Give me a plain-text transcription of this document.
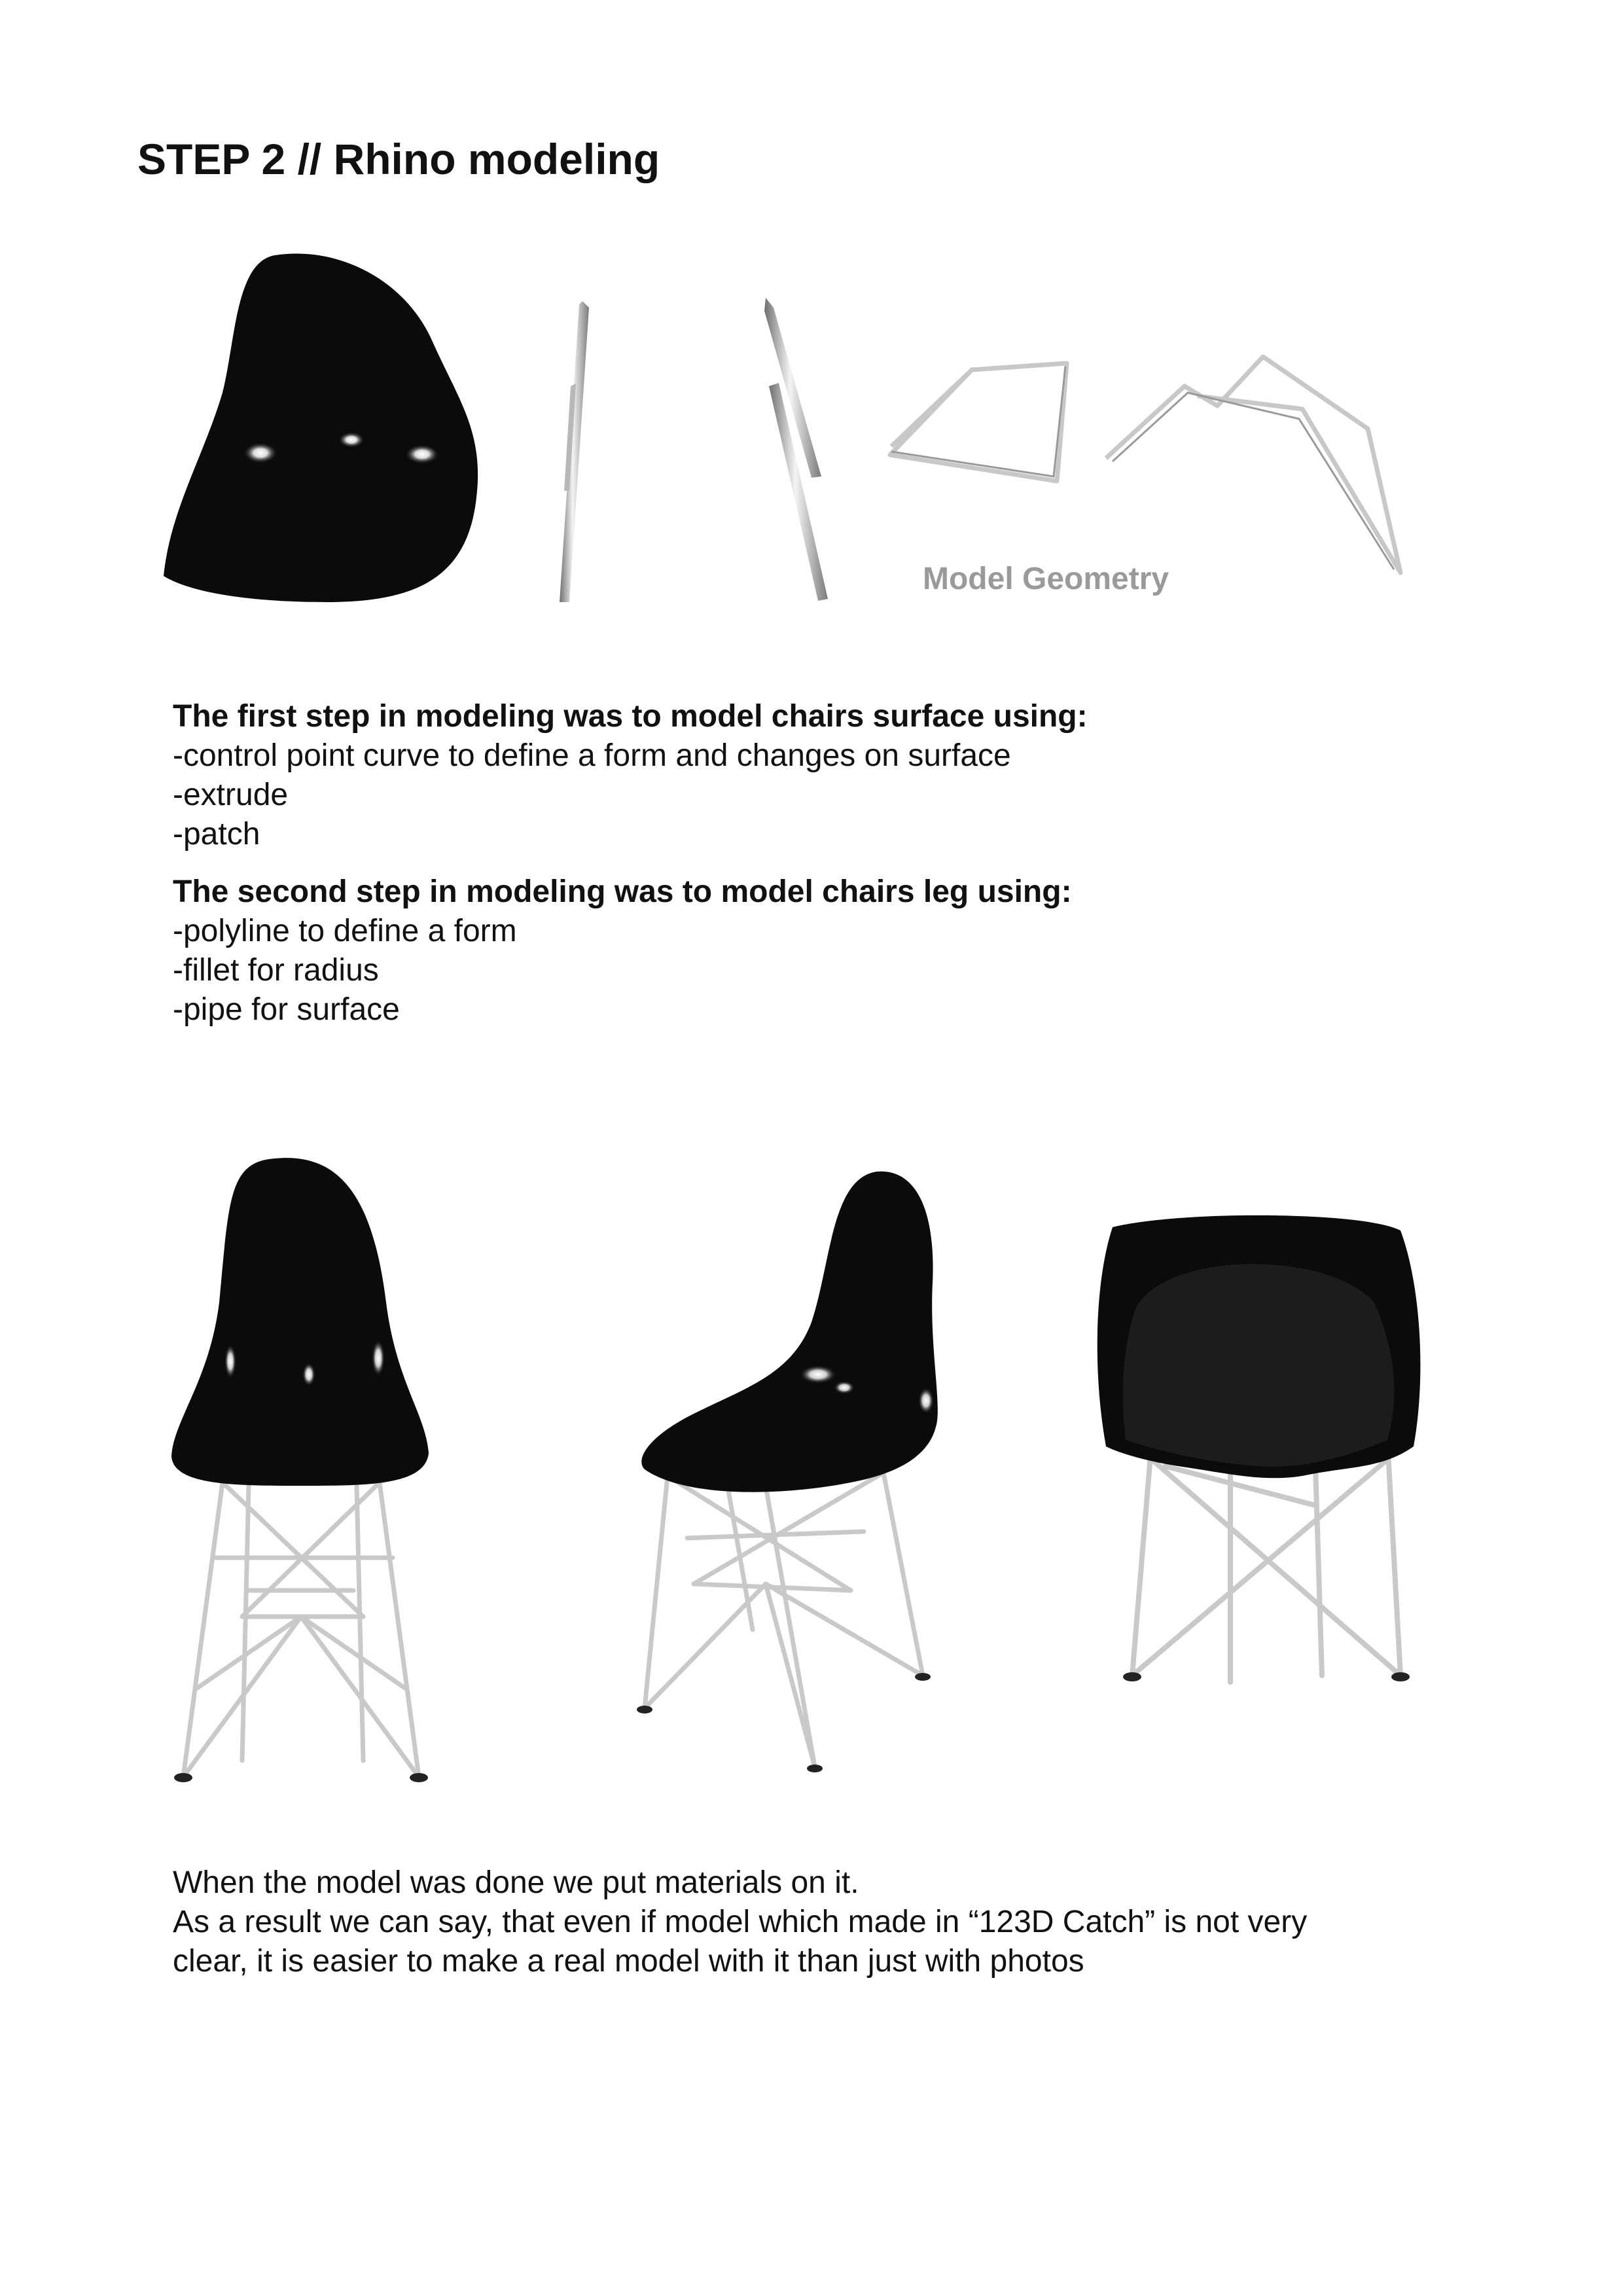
STEP 2 // Rhino modeling
Model Geometry
The first step in modeling was to model chairs surface using:
-control point curve to define a form and changes on surface
-extrude
-patch
The second step in modeling was to model chairs leg using:
-polyline to define a form
-fillet for radius
-pipe for surface
When the model was done we put materials on it.
As a result we can say, that even if model which made in “123D Catch” is not very
clear, it is easier to make a real model with it than just with photos
